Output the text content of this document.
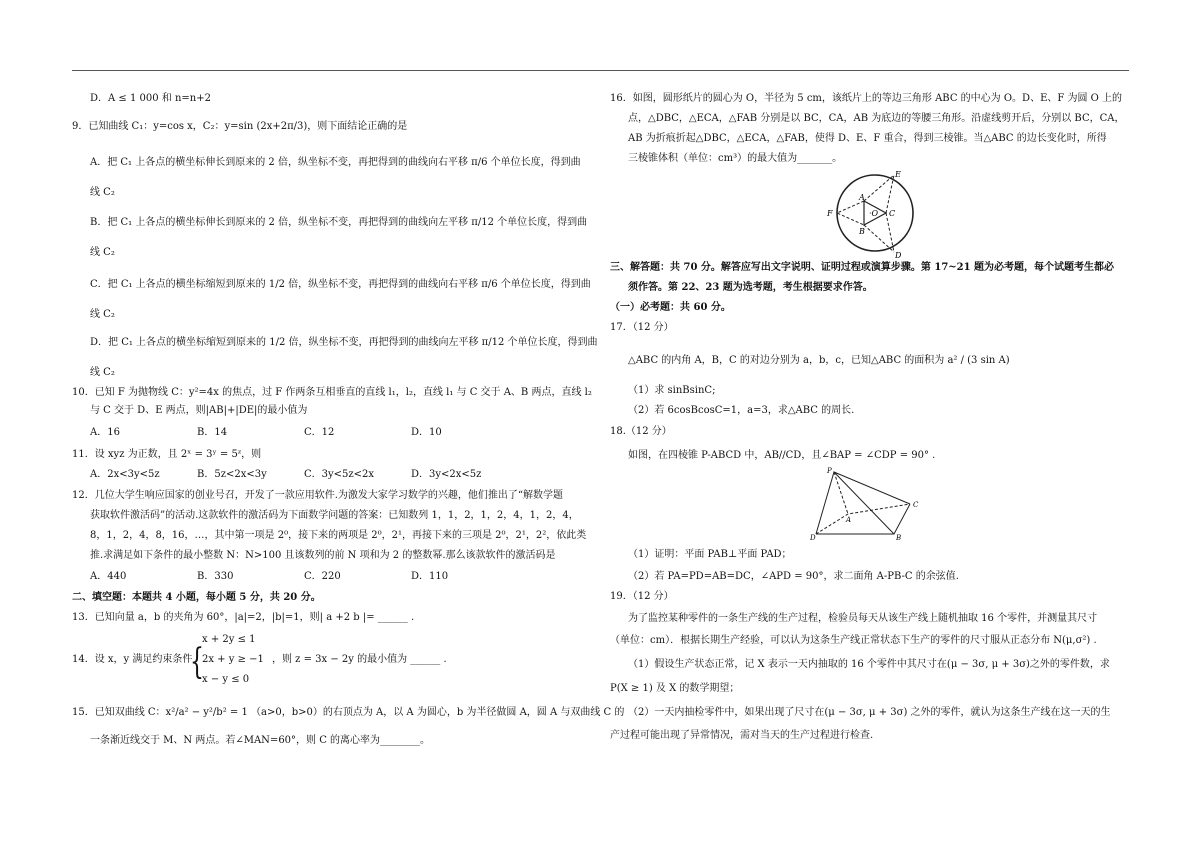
D．A ≤ 1 000 和 n=n+2
9．已知曲线 C₁：y=cos x，C₂：y=sin (2x+2π/3)，则下面结论正确的是
A．把 C₁ 上各点的横坐标伸长到原来的 2 倍，纵坐标不变，再把得到的曲线向右平移 π/6 个单位长度，得到曲
线 C₂
B．把 C₁ 上各点的横坐标伸长到原来的 2 倍，纵坐标不变，再把得到的曲线向左平移 π/12 个单位长度，得到曲
线 C₂
C．把 C₁ 上各点的横坐标缩短到原来的 1/2 倍，纵坐标不变，再把得到的曲线向右平移 π/6 个单位长度，得到曲
线 C₂
D．把 C₁ 上各点的横坐标缩短到原来的 1/2 倍，纵坐标不变，再把得到的曲线向左平移 π/12 个单位长度，得到曲
线 C₂
10．已知 F 为抛物线 C：y²=4x 的焦点，过 F 作两条互相垂直的直线 l₁，l₂，直线 l₁ 与 C 交于 A、B 两点，直线 l₂
与 C 交于 D、E 两点，则|AB|+|DE|的最小值为
A．16	B．14	C．12	D．10
11．设 xyz 为正数，且 2ˣ = 3ʸ = 5ᶻ，则
A．2x<3y<5z	B．5z<2x<3y	C．3y<5z<2x	D．3y<2x<5z
12．几位大学生响应国家的创业号召，开发了一款应用软件.为激发大家学习数学的兴趣，他们推出了“解数学题
获取软件激活码”的活动.这款软件的激活码为下面数学问题的答案：已知数列 1，1，2，1，2，4，1，2，4，
8，1，2，4，8，16，…，其中第一项是 2⁰，接下来的两项是 2⁰，2¹，再接下来的三项是 2⁰，2¹，2²，依此类
推.求满足如下条件的最小整数 N：N>100 且该数列的前 N 项和为 2 的整数幂.那么该款软件的激活码是
A．440	B．330	C．220	D．110
二、填空题：本题共 4 小题，每小题 5 分，共 20 分。
13．已知向量 a，b 的夹角为 60°，|a|=2，|b|=1，则| a +2 b |= ______ .
14．设 x，y 满足约束条件
{
x + 2y ≤ 1
2x + y ≥ −1
x − y ≤ 0
，则 z = 3x − 2y 的最小值为 ______ .
15．已知双曲线 C：x²/a² − y²/b² = 1 （a>0，b>0）的右顶点为 A，以 A 为圆心，b 为半径做圆 A，圆 A 与双曲线 C 的
一条渐近线交于 M、N 两点。若∠MAN=60°，则 C 的离心率为________。
16．如图，圆形纸片的圆心为 O，半径为 5 cm，该纸片上的等边三角形 ABC 的中心为 O。D、E、F 为圆 O 上的
点，△DBC，△ECA，△FAB 分别是以 BC，CA，AB 为底边的等腰三角形。沿虚线剪开后，分别以 BC，CA，
AB 为折痕折起△DBC，△ECA，△FAB，使得 D、E、F 重合，得到三棱锥。当△ABC 的边长变化时，所得
三棱锥体积（单位：cm³）的最大值为_______。
A
B
C
D
E
F	·O
三、解答题：共 70 分。解答应写出文字说明、证明过程或演算步骤。第 17~21 题为必考题，每个试题考生都必
须作答。第 22、23 题为选考题，考生根据要求作答。
（一）必考题：共 60 分。
17．（12 分）
△ABC 的内角 A，B，C 的对边分别为 a，b，c，已知△ABC 的面积为 a² / (3 sin A)
（1）求 sinBsinC;
（2）若 6cosBcosC=1，a=3，求△ABC 的周长.
18.（12 分）
如图，在四棱锥 P-ABCD 中，AB//CD，且∠BAP = ∠CDP = 90° .
P
A
B
C
D
（1）证明：平面 PAB⊥平面 PAD；
（2）若 PA=PD=AB=DC，∠APD = 90°，求二面角 A-PB-C 的余弦值.
19．（12 分）
为了监控某种零件的一条生产线的生产过程，检验员每天从该生产线上随机抽取 16 个零件，并测量其尺寸
（单位：cm）．根据长期生产经验，可以认为这条生产线正常状态下生产的零件的尺寸服从正态分布 N(μ,σ²) .
（1）假设生产状态正常，记 X 表示一天内抽取的 16 个零件中其尺寸在(μ − 3σ, μ + 3σ)之外的零件数，求
P(X ≥ 1) 及 X 的数学期望；
（2）一天内抽检零件中，如果出现了尺寸在(μ − 3σ, μ + 3σ) 之外的零件，就认为这条生产线在这一天的生
产过程可能出现了异常情况，需对当天的生产过程进行检查.
